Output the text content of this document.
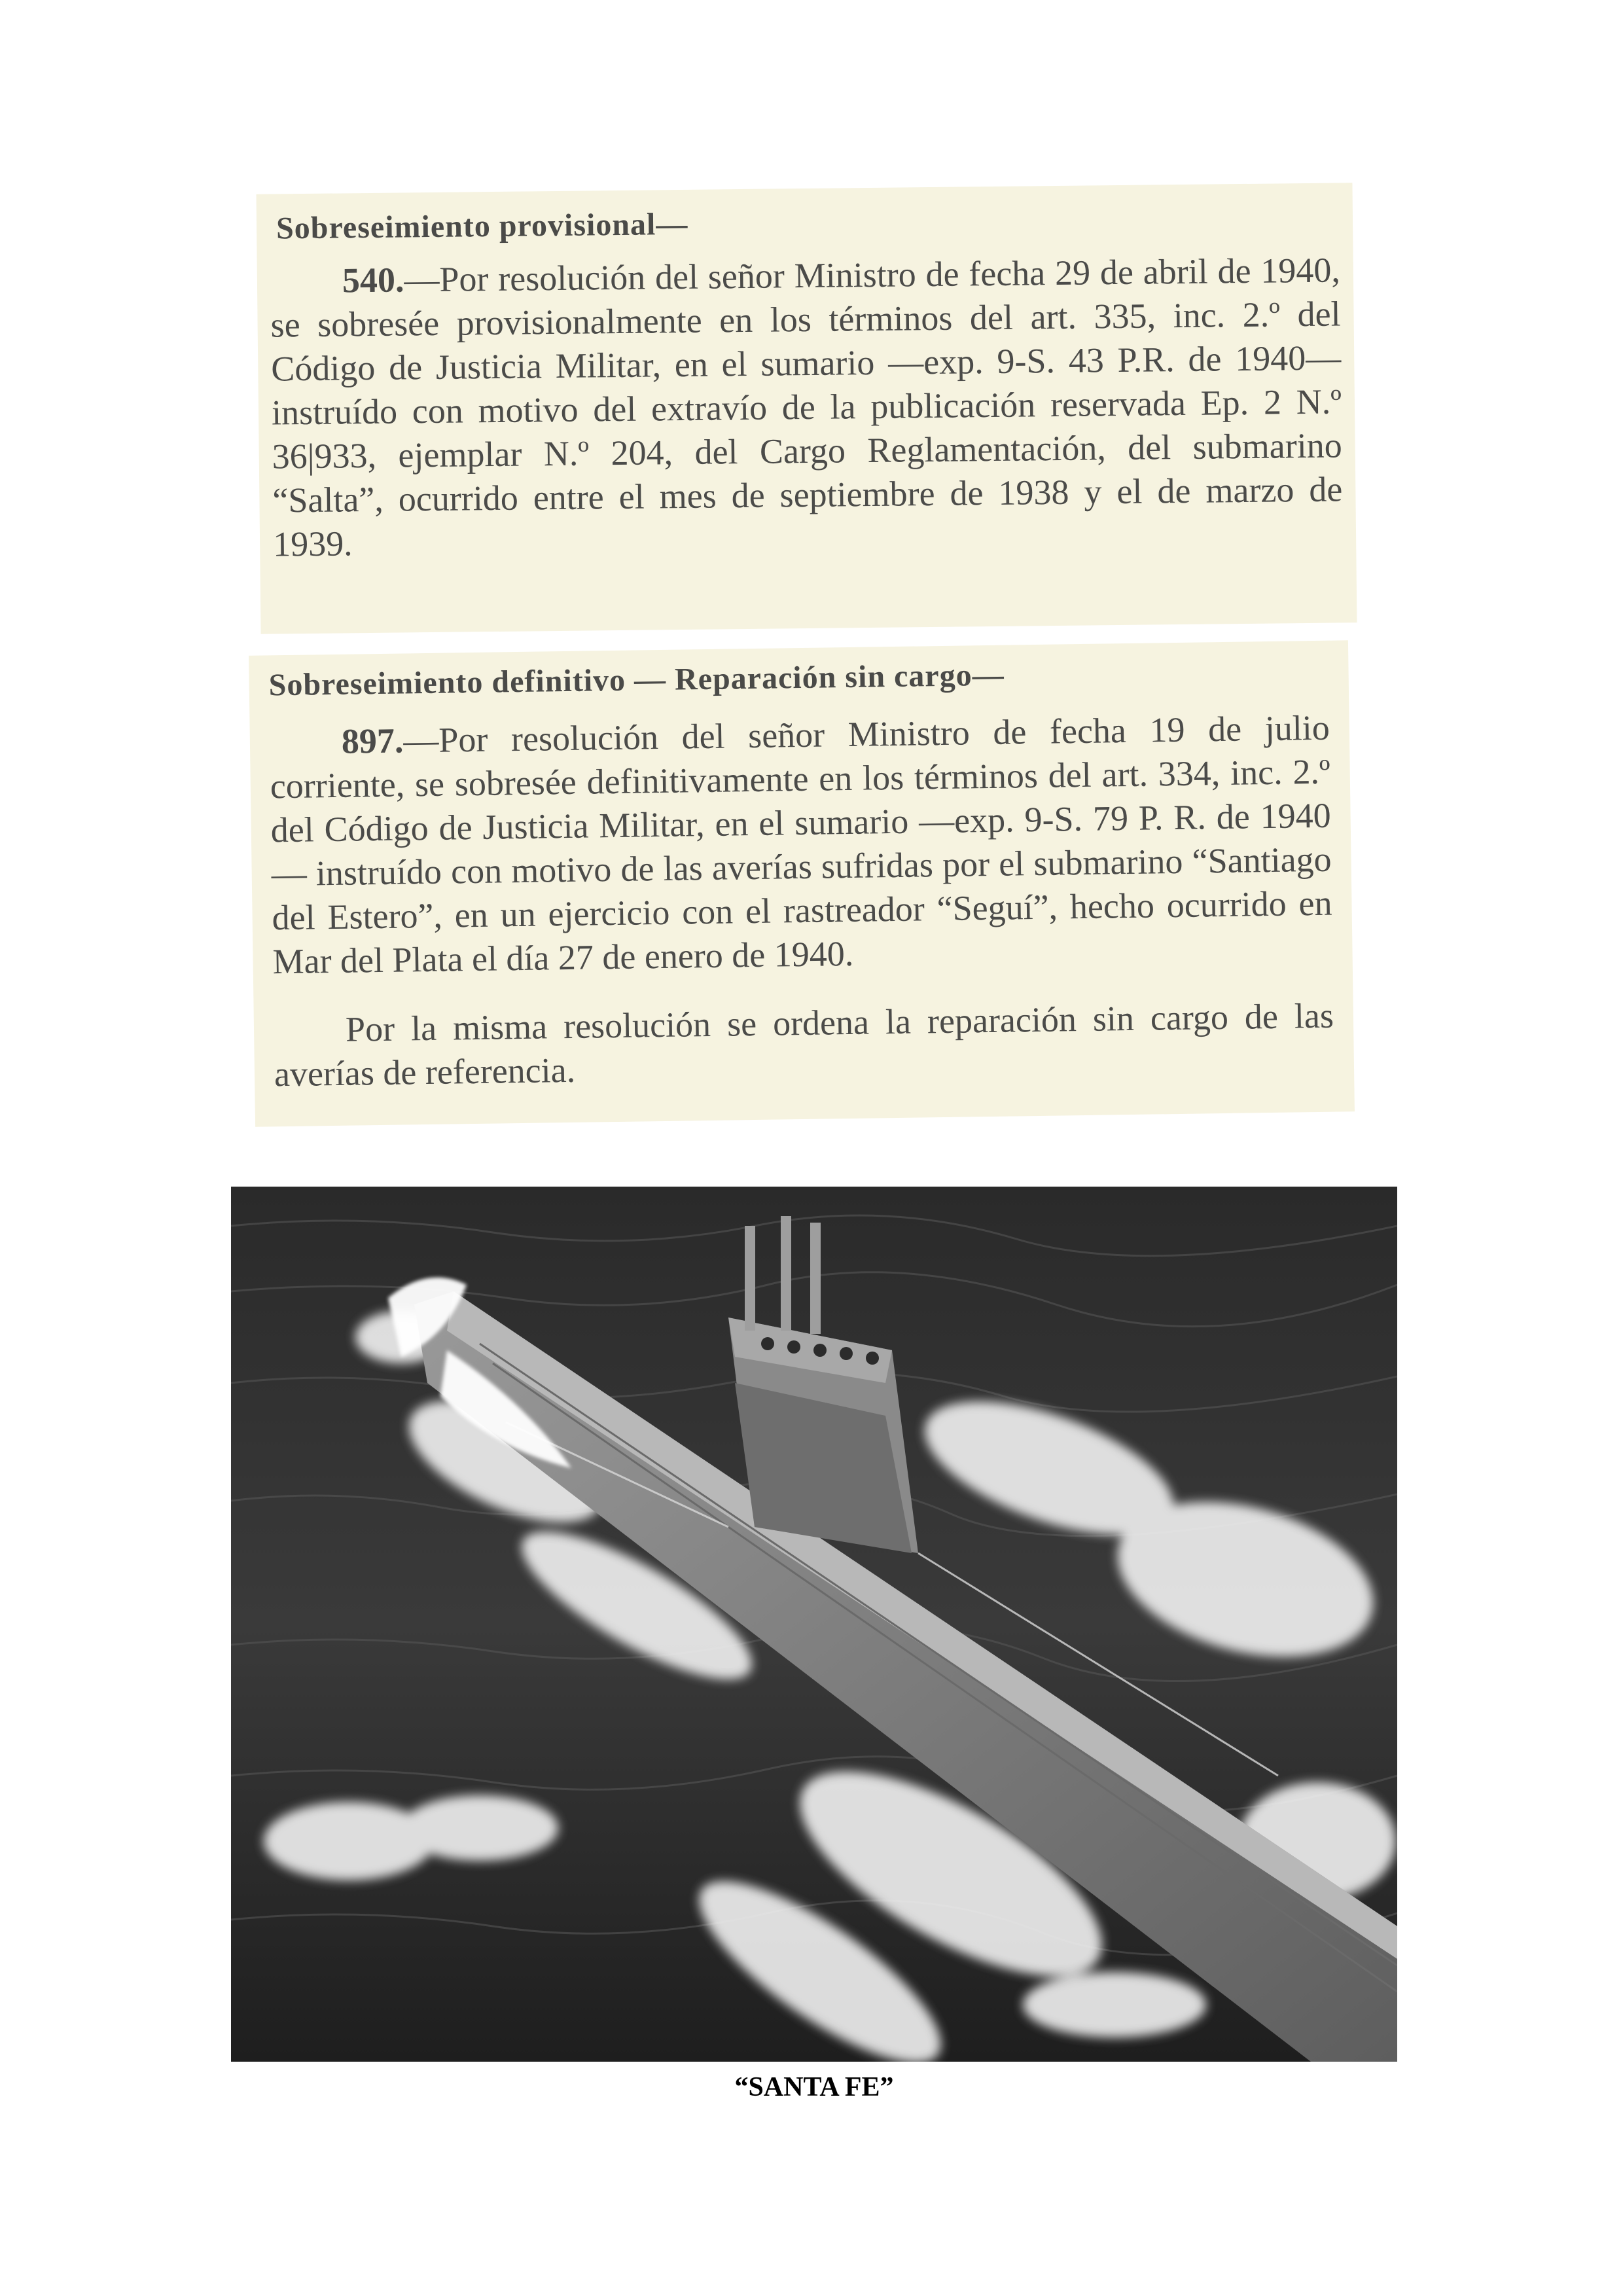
Sobreseimiento provisional—

540.—Por resolución del señor Ministro de fecha 29 de abril de 1940, se sobresée provisionalmente en los términos del art. 335, inc. 2.º del Código de Justicia Militar, en el sumario —exp. 9-S. 43 P.R. de 1940— instruído con motivo del extravío de la publicación reservada Ep. 2 N.º 36|933, ejemplar N.º 204, del Cargo Reglamentación, del submarino “Salta”, ocurrido entre el mes de septiembre de 1938 y el de marzo de 1939.

Sobreseimiento definitivo — Reparación sin cargo—

897.—Por resolución del señor Ministro de fecha 19 de julio corriente, se sobresée definitivamente en los términos del art. 334, inc. 2.º del Código de Justicia Militar, en el sumario —exp. 9-S. 79 P. R. de 1940— instruído con motivo de las averías sufridas por el submarino “Santiago del Estero”, en un ejercicio con el rastreador “Seguí”, hecho ocurrido en Mar del Plata el día 27 de enero de 1940.

Por la misma resolución se ordena la reparación sin cargo de las averías de referencia.

“SANTA FE”
